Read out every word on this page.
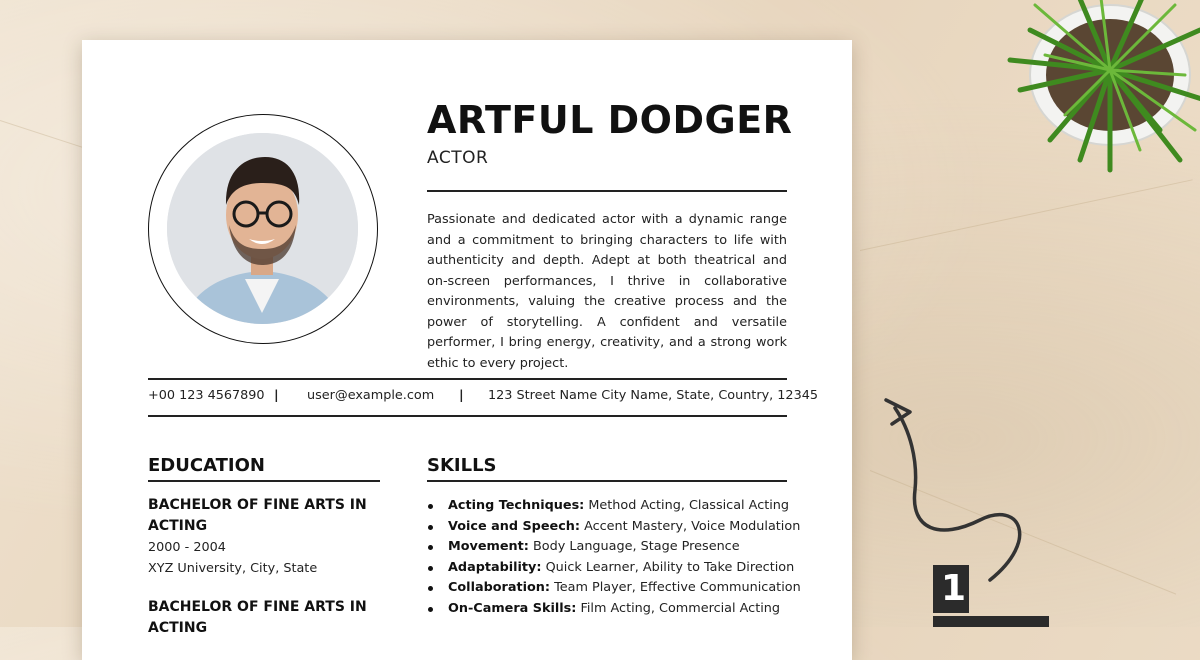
ARTFUL DODGER
ACTOR

Passionate and dedicated actor with a dynamic range and a commitment to bringing characters to life with authenticity and depth. Adept at both theatrical and on-screen performances, I thrive in collaborative environments, valuing the creative process and the power of storytelling. A confident and versatile performer, I bring energy, creativity, and a strong work ethic to every project.

+00 123 4567890 | user@example.com | 123 Street Name City Name, State, Country, 12345
EDUCATION
BACHELOR OF FINE ARTS IN ACTING
2000 - 2004
XYZ University, City, State
BACHELOR OF FINE ARTS IN ACTING
SKILLS
Acting Techniques: Method Acting, Classical Acting
Voice and Speech: Accent Mastery, Voice Modulation
Movement: Body Language, Stage Presence
Adaptability: Quick Learner, Ability to Take Direction
Collaboration: Team Player, Effective Communication
On-Camera Skills: Film Acting, Commercial Acting	1
